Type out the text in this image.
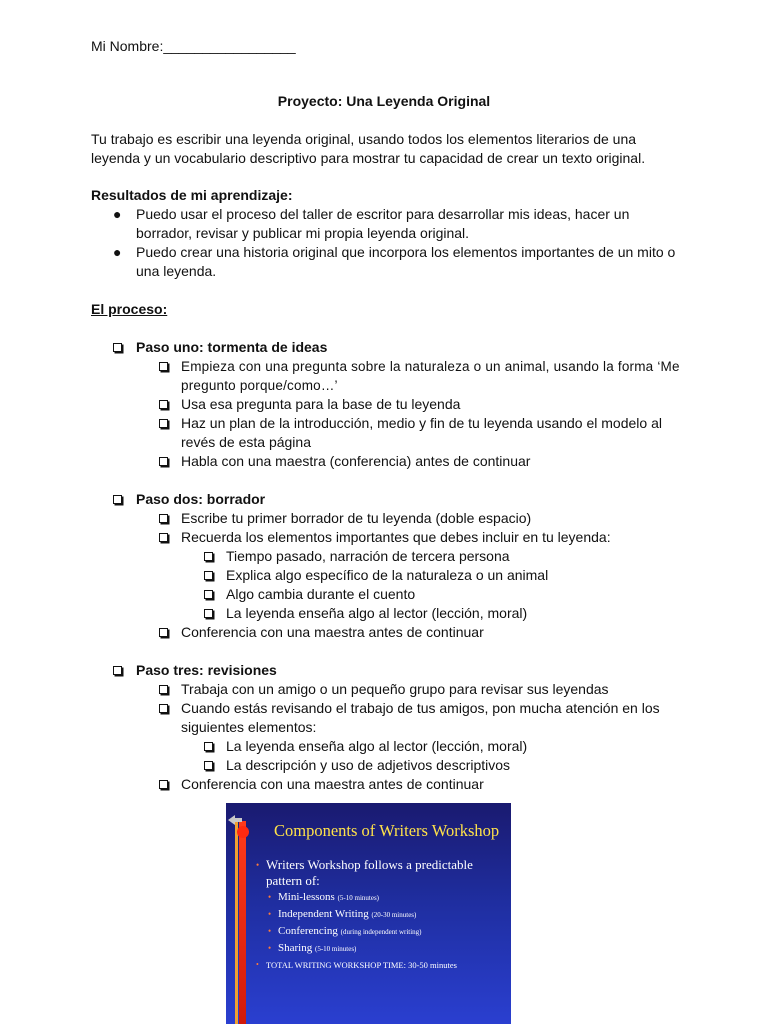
Mi Nombre:_________________
Proyecto: Una Leyenda Original
Tu trabajo es escribir una leyenda original, usando todos los elementos literarios de una leyenda y un vocabulario descriptivo para mostrar tu capacidad de crear un texto original.
Resultados de mi aprendizaje:
● Puedo usar el proceso del taller de escritor para desarrollar mis ideas, hacer un borrador, revisar y publicar mi propia leyenda original.
● Puedo crear una historia original que incorpora los elementos importantes de un mito o una leyenda.
El proceso:
Paso uno: tormenta de ideas
Empieza con una pregunta sobre la naturaleza o un animal, usando la forma ‘Me pregunto porque/como…’
Usa esa pregunta para la base de tu leyenda
Haz un plan de la introducción, medio y fin de tu leyenda usando el modelo al revés de esta página
Habla con una maestra (conferencia) antes de continuar
Paso dos: borrador
Escribe tu primer borrador de tu leyenda (doble espacio)
Recuerda los elementos importantes que debes incluir en tu leyenda:
Tiempo pasado, narración de tercera persona
Explica algo específico de la naturaleza o un animal
Algo cambia durante el cuento
La leyenda enseña algo al lector (lección, moral)
Conferencia con una maestra antes de continuar
Paso tres: revisiones
Trabaja con un amigo o un pequeño grupo para revisar sus leyendas
Cuando estás revisando el trabajo de tus amigos, pon mucha atención en los siguientes elementos:
La leyenda enseña algo al lector (lección, moral)
La descripción y uso de adjetivos descriptivos
Conferencia con una maestra antes de continuar
Components of Writers Workshop
• Writers Workshop follows a predictable pattern of:
• Mini-lessons (5-10 minutes)
• Independent Writing (20-30 minutes)
• Conferencing (during independent writing)
• Sharing (5-10 minutes)
• TOTAL WRITING WORKSHOP TIME: 30-50 minutes
